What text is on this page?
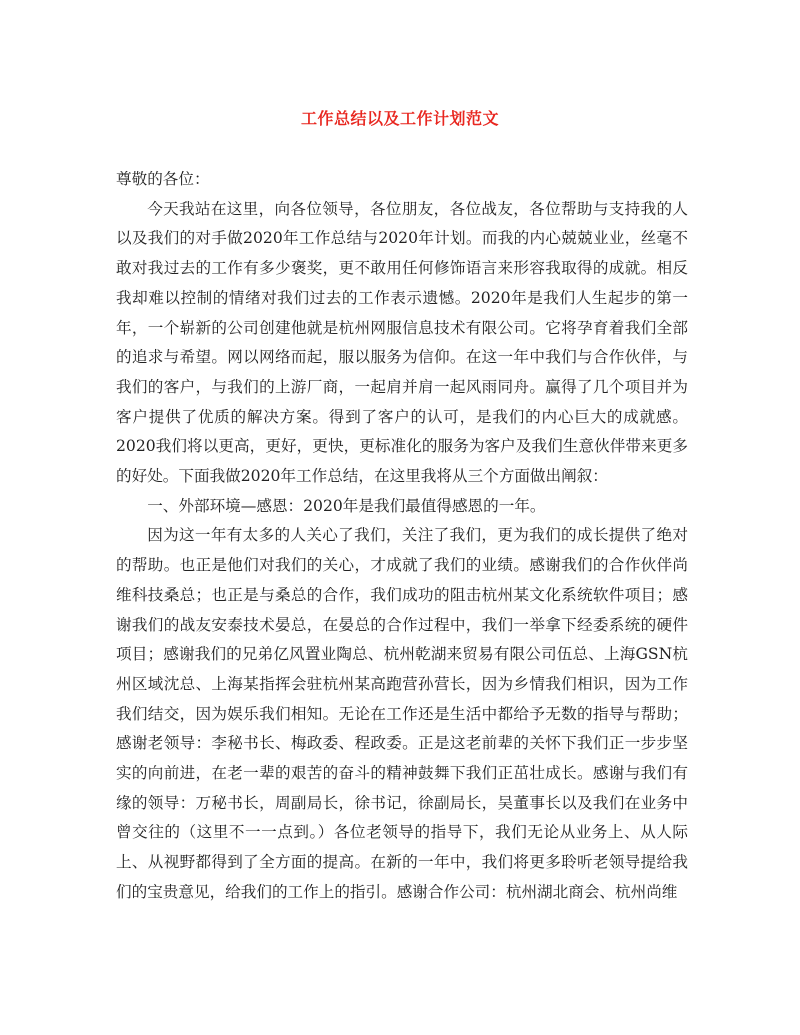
工作总结以及工作计划范文

尊敬的各位：

今天我站在这里，向各位领导，各位朋友，各位战友，各位帮助与支持我的人以及我们的对手做2020年工作总结与2020年计划。而我的内心兢兢业业，丝毫不敢对我过去的工作有多少褒奖，更不敢用任何修饰语言来形容我取得的成就。相反我却难以控制的情绪对我们过去的工作表示遗憾。2020年是我们人生起步的第一年，一个崭新的公司创建他就是杭州网服信息技术有限公司。它将孕育着我们全部的追求与希望。网以网络而起，服以服务为信仰。在这一年中我们与合作伙伴，与我们的客户，与我们的上游厂商，一起肩并肩一起风雨同舟。赢得了几个项目并为客户提供了优质的解决方案。得到了客户的认可，是我们的内心巨大的成就感。2020我们将以更高，更好，更快，更标准化的服务为客户及我们生意伙伴带来更多的好处。下面我做2020年工作总结，在这里我将从三个方面做出阐叙：

一、外部环境—感恩：2020年是我们最值得感恩的一年。

因为这一年有太多的人关心了我们，关注了我们，更为我们的成长提供了绝对的帮助。也正是他们对我们的关心，才成就了我们的业绩。感谢我们的合作伙伴尚维科技桑总；也正是与桑总的合作，我们成功的阻击杭州某文化系统软件项目；感谢我们的战友安泰技术晏总，在晏总的合作过程中，我们一举拿下经委系统的硬件项目；感谢我们的兄弟亿风置业陶总、杭州乾湖来贸易有限公司伍总、上海GSN杭州区域沈总、上海某指挥会驻杭州某高跑营孙营长，因为乡情我们相识，因为工作我们结交，因为娱乐我们相知。无论在工作还是生活中都给予无数的指导与帮助；感谢老领导：李秘书长、梅政委、程政委。正是这老前辈的关怀下我们正一步步坚实的向前进，在老一辈的艰苦的奋斗的精神鼓舞下我们正茁壮成长。感谢与我们有缘的领导：万秘书长，周副局长，徐书记，徐副局长，吴董事长以及我们在业务中曾交往的（这里不一一点到。）各位老领导的指导下，我们无论从业务上、从人际上、从视野都得到了全方面的提高。在新的一年中，我们将更多聆听老领导提给我们的宝贵意见，给我们的工作上的指引。感谢合作公司：杭州湖北商会、杭州尚维
